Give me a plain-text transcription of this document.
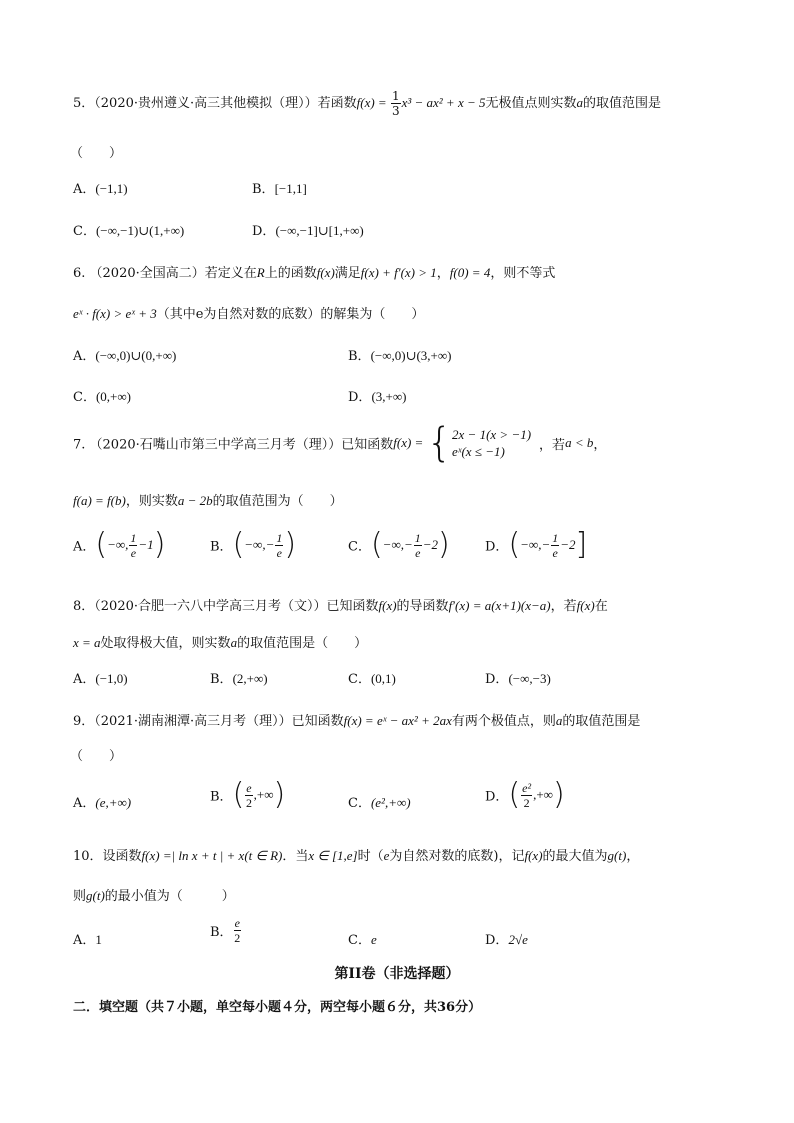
5．（2020·贵州遵义·高三其他模拟（理））若函数$f(x) = \frac{1}{3} x^3 - ax^2 + x - 5$无极值点则实数a的取值范围是
（　　）
A．(−1,1)	B．[−1,1]
C．(−∞,−1)∪(1,+∞)	D．(−∞,−1]∪[1,+∞)
6. （2020·全国高二）若定义在R上的函数f(x)满足f(x) + f′(x) > 1，f(0) = 4，则不等式
eˣ · f(x) > eˣ + 3（其中e为自然对数的底数）的解集为（　　）
A．(−∞,0)∪(0,+∞)	B．(−∞,0)∪(3,+∞)
C．(0,+∞)	D．(3,+∞)
7. （2020·石嘴山市第三中学高三月考（理））已知函数f(x) = { 2x − 1(x > −1)
eˣ(x ≤ −1)	，若a < b，
f(a) = f(b)，则实数a − 2b的取值范围为（　　）
A．(−∞, $\frac{1}{e} -1$)	B．(−∞,− $\frac{1}{e}$ )	C．(−∞,− $\frac{1}{e} -2$)	D．(−∞,− $\frac{1}{e} -2$]
8．（2020·合肥一六八中学高三月考（文））已知函数f(x)的导函数f′(x) = a(x+1)(x−a)，若f(x)在
x = a处取得极大值，则实数a的取值范围是（　　）
A．(−1,0)	B．(2,+∞)	C．(0,1)	D．(−∞,−3)
9．（2021·湖南湘潭·高三月考（理））已知函数f(x) = eˣ − ax² + 2ax有两个极值点，则a的取值范围是
（　　）
A．(e,+∞)	B．( $\frac{e}{2}$ ,+∞)	C．(e²,+∞)	D．( $\frac{\text{e²}}{2}$ ,+∞)
10．设函数f(x) =| ln x + t | + x(t ∈ R)．当x ∈ [1,e]时（e为自然对数的底数)，记f(x)的最大值为g(t)，
则g(t)的最小值为（　　　）
A．1	B． $\frac{e}{2}$	C．e	D．2√e
第II卷（非选择题）
二．填空题（共７小题，单空每小题４分，两空每小题６分，共36分）
